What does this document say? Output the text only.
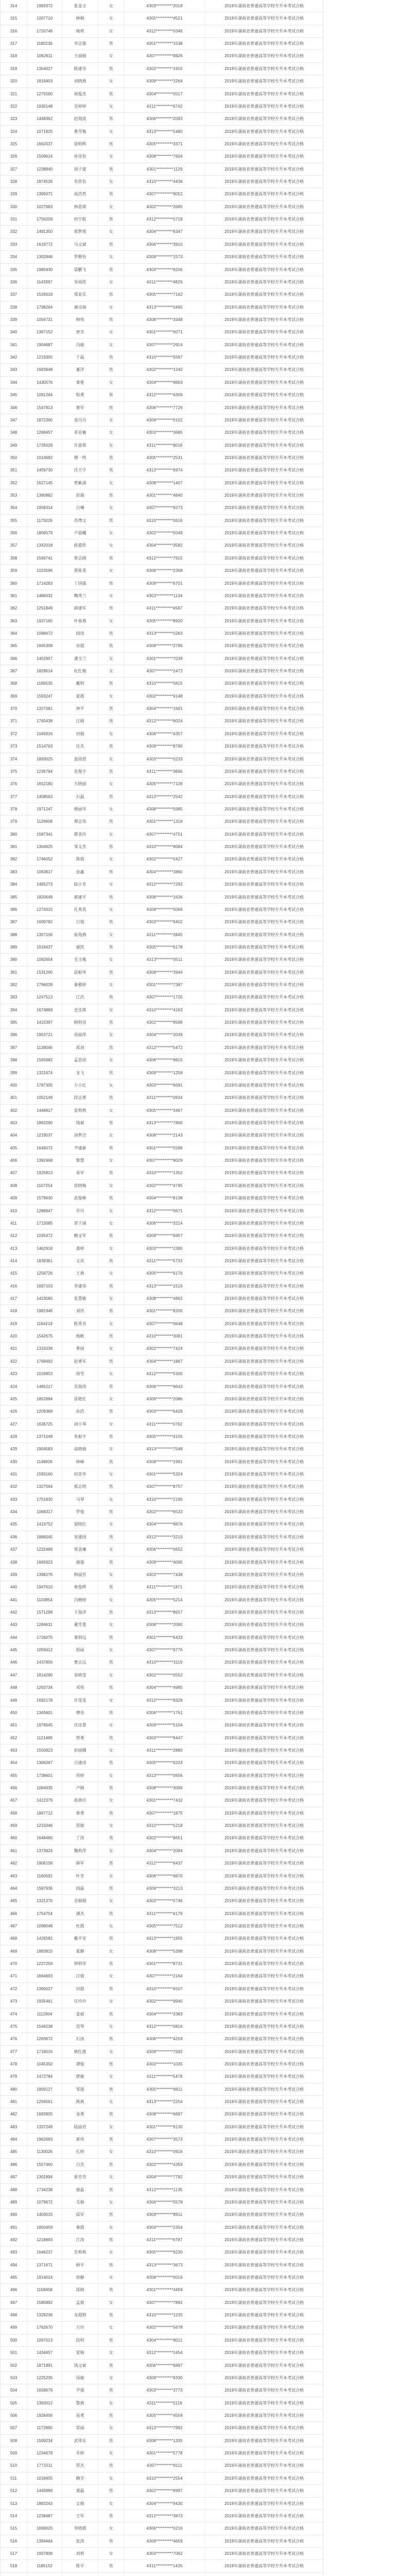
314	1993372	张金玉	女	4303**********2018	2019年湖南省普通高等学校专升本考试合格
315	1007710	林娟	女	4305**********4521	2019年湖南省普通高等学校专升本考试合格
316	1720746	杨莉	女	4312**********0346	2019年湖南省普通高等学校专升本考试合格
317	1180236	李志强	男	4301**********1538	2019年湖南省普通高等学校专升本考试合格
318	1062911	王丽娟	女	4307**********8826	2019年湖南省普通高等学校专升本考试合格
319	1354027	陈建华	男	4302**********1915	2019年湖南省普通高等学校专升本考试合格
320	1816403	刘晓燕	女	4309**********3264	2019年湖南省普通高等学校专升本考试合格
321	1275590	周俊杰	男	4304**********0517	2019年湖南省普通高等学校专升本考试合格
322	1930148	吴婷婷	女	4311**********6742	2019年湖南省普通高等学校专升本考试合格
323	1448362	赵海波	男	4306**********2093	2019年湖南省普通高等学校专升本考试合格
324	1071825	黄雪梅	女	4313**********5480	2019年湖南省普通高等学校专升本考试合格
325	1662037	徐明辉	男	4305**********3371	2019年湖南省普通高等学校专升本考试合格
326	1509614	孙佳怡	女	4308**********7604	2019年湖南省普通高等学校专升本考试合格
327	1238840	胡子豪	男	4301**********1129	2019年湖南省普通高等学校专升本考试合格
328	1874526	朱欣怡	女	4310**********4436	2019年湖南省普通高等学校专升本考试合格
329	1395071	高浩然	男	4307**********9052	2019年湖南省普通高等学校专升本考试合格
330	1027683	林思琪	女	4302**********2685	2019年湖南省普通高等学校专升本考试合格
331	1756209	何宇航	男	4312**********0718	2019年湖南省普通高等学校专升本考试合格
332	1481350	郭梦瑶	女	4304**********6347	2019年湖南省普通高等学校专升本考试合格
333	1619772	马文斌	男	4306**********3910	2019年湖南省普通高等学校专升本考试合格
334	1302846	罗静怡	女	4309**********1573	2019年湖南省普通高等学校专升本考试合格
335	1985430	梁鹏飞	男	4303**********8206	2019年湖南省普通高等学校专升本考试合格
336	1143397	宋雨欣	女	4311**********4829	2019年湖南省普通高等学校专升本考试合格
337	1526018	郑家乐	男	4305**********7162	2019年湖南省普通高等学校专升本考试合格
338	1798264	谢诗涵	女	4313**********0495	2019年湖南省普通高等学校专升本考试合格
339	1056731	韩伟	男	4308**********3348	2019年湖南省普通高等学校专升本考试合格
340	1367152	唐芳	女	4301**********6071	2019年湖南省普通高等学校专升本考试合格
341	1904687	冯敏	女	4307**********2914	2019年湖南省普通高等学校专升本考试合格
342	1219305	于磊	男	4310**********5587	2019年湖南省普通高等学校专升本考试合格
343	1683948	董洋	男	4302**********1240	2019年湖南省普通高等学校专升本考试合格
344	1430576	萧艳	女	4304**********9863	2019年湖南省普通高等学校专升本考试合格
345	1091264	程勇	男	4312**********4306	2019年湖南省普通高等学校专升本考试合格
346	1547813	曹军	男	4306**********7729	2019年湖南省普通高等学校专升本考试合格
347	1872390	袁丹丹	女	4309**********0152	2019年湖南省普通高等学校专升本考试合格
348	1268457	邓亚楠	女	4303**********3685	2019年湖南省普通高等学校专升本考试合格
349	1735029	许嘉琪	女	4311**********8018	2019年湖南省普通高等学校专升本考试合格
350	1014682	傅一鸣	男	4305**********2531	2019年湖南省普通高等学校专升本考试合格
351	1459730	沈天宇	男	4313**********6974	2019年湖南省普通高等学校专升本考试合格
352	1627145	曾紫涵	女	4308**********1407	2019年湖南省普通高等学校专升本考试合格
353	1390862	彭瑞	男	4301**********4840	2019年湖南省普通高等学校专升本考试合格
354	1958314	吕琳	女	4307**********9273	2019年湖南省普通高等学校专升本考试合格
355	1175026	苏博文	男	4310**********0616	2019年湖南省普通高等学校专升本考试合格
356	1806579	卢晨曦	女	4302**********5049	2019年湖南省普通高等学校专升本考试合格
357	1342018	蒋嘉欣	女	4304**********3582	2019年湖南省普通高等学校专升本考试合格
358	1569741	蔡志刚	男	4312**********7915	2019年湖南省普通高等学校专升本考试合格
359	1023596	贾桂英	女	4306**********2368	2019年湖南省普通高等学校专升本考试合格
360	1714283	丁国强	男	4309**********6701	2019年湖南省普通高等学校专升本考试合格
361	1486032	魏秀兰	女	4303**********1134	2019年湖南省普通高等学校专升本考试合格
362	1251849	薛建军	男	4311**********4587	2019年湖南省普通高等学校专升本考试合格
363	1937165	叶春燕	女	4305**********8920	2019年湖南省普通高等学校专升本考试合格
364	1098472	阎涛	男	4313**********0263	2019年湖南省普通高等学校专升本考试合格
365	1665308	余超	男	4308**********3796	2019年湖南省普通高等学校专升本考试合格
366	1402957	潘玉兰	女	4301**********7039	2019年湖南省普通高等学校专升本考试合格
367	1829614	杜红梅	女	4307**********2472	2019年湖南省普通高等学校专升本考试合格
368	1186530	戴明	男	4310**********5815	2019年湖南省普通高等学校专升本考试合格
369	1593247	夏霞	女	4302**********9148	2019年湖南省普通高等学校专升本考试合格
370	1327081	钟平	男	4304**********1691	2019年湖南省普通高等学校专升本考试合格
371	1760438	汪刚	男	4312**********6024	2019年湖南省普通高等学校专升本考试合格
372	1045916	田娟	女	4306**********4357	2019年湖南省普通高等学校专升本考试合格
373	1514763	任杰	男	4309**********8790	2019年湖南省普通高等学校专升本考试合格
374	1893025	姜雨萱	女	4303**********0233	2019年湖南省普通高等学校专升本考试合格
375	1236794	范俊宇	男	4311**********3666	2019年湖南省普通高等学校专升本考试合格
376	1652180	方晓丽	女	4305**********7109	2019年湖南省普通高等学校专升本考试合格
377	1408563	石磊	男	4313**********2542	2019年湖南省普通高等学校专升本考试合格
378	1971247	姚丽华	女	4308**********5985	2019年湖南省普通高等学校专升本考试合格
379	1129608	谭志伟	男	4301**********1318	2019年湖南省普通高等学校专升本考试合格
380	1587341	廖美玲	女	4307**********4751	2019年湖南省普通高等学校专升本考试合格
381	1304925	邹文杰	男	4310**********8084	2019年湖南省普通高等学校专升本考试合格
382	1746052	熊倩	女	4302**********0427	2019年湖南省普通高等学校专升本考试合格
383	1063817	金鑫	男	4304**********3860	2019年湖南省普通高等学校专升本考试合格
384	1495273	陆小芳	女	4312**********7293	2019年湖南省普通高等学校专升本考试合格
385	1820649	郝建平	男	4306**********1636	2019年湖南省普通高等学校专升本考试合格
386	1274315	孔秀英	女	4309**********5069	2019年湖南省普通高等学校专升本考试合格
387	1609782	白俊	男	4303**********9402	2019年湖南省普通高等学校专升本考试合格
388	1357106	崔海燕	女	4311**********2845	2019年湖南省普通高等学校专升本考试合格
389	1918437	康凯	男	4305**********6178	2019年湖南省普通高等学校专升本考试合格
390	1082654	毛玉梅	女	4313**********0511	2019年湖南省普通高等学校专升本考试合格
391	1531290	邱振华	男	4308**********3944	2019年湖南省普通高等学校专升本考试合格
392	1796028	秦雅婷	女	4301**********7387	2019年湖南省普通高等学校专升本考试合格
393	1247513	江浩	男	4307**********1720	2019年湖南省普通高等学校专升本考试合格
394	1674869	史佳琪	女	4310**********4163	2019年湖南省普通高等学校专升本考试合格
395	1410397	顾明亮	男	4302**********8596	2019年湖南省普通高等学校专升本考试合格
396	1953721	侯丽萍	女	4304**********2039	2019年湖南省普通高等学校专升本考试合格
397	1138046	邵剑	男	4312**********5472	2019年湖南省普通高等学校专升本考试合格
398	1565982	孟思雨	女	4306**********9815	2019年湖南省普通高等学校专升本考试合格
399	1321674	龙飞	男	4309**********1258	2019年湖南省普通高等学校专升本考试合格
400	1787305	万小红	女	4303**********6691	2019年湖南省普通高等学校专升本考试合格
401	1052149	段志勇	男	4311**********0934	2019年湖南省普通高等学校专升本考试合格
402	1446817	雷莉莉	女	4305**********3467	2019年湖南省普通高等学校专升本考试合格
403	1863290	钱斌	男	4313**********7800	2019年湖南省普通高等学校专升本考试合格
404	1219537	汤梦洁	女	4308**********2143	2019年湖南省普通高等学校专升本考试合格
405	1648072	尹建新	男	4301**********5586	2019年湖南省普通高等学校专升本考试合格
406	1392468	黎慧	女	4307**********9029	2019年湖南省普通高等学校专升本考试合格
407	1925813	易军	男	4310**********1352	2019年湖南省普通高等学校专升本考试合格
408	1107254	常晓梅	女	4302**********4795	2019年湖南省普通高等学校专升本考试合格
409	1579630	武俊峰	男	4304**********8138	2019年湖南省普通高等学校专升本考试合格
410	1286947	乔丹	女	4312**********0671	2019年湖南省普通高等学校专升本考试合格
411	1713085	贺子涵	女	4306**********3214	2019年湖南省普通高等学校专升本考试合格
412	1035472	赖文军	男	4309**********6957	2019年湖南省普通高等学校专升本考试合格
413	1462918	龚婷	女	4303**********2390	2019年湖南省普通高等学校专升本考试合格
414	1839361	文亮	男	4311**********5733	2019年湖南省普通高等学校专升本考试合格
415	1258726	王燕	女	4305**********9176	2019年湖南省普通高等学校专升本考试合格
416	1697103	李建伟	男	4313**********1519	2019年湖南省普通高等学校专升本考试合格
417	1423580	张慧敏	女	4308**********4862	2019年湖南省普通高等学校专升本考试合格
418	1981946	刘洪	男	4301**********8205	2019年湖南省普通高等学校专升本考试合格
419	1164219	陈秀芳	女	4307**********0648	2019年湖南省普通高等学校专升本考试合格
420	1542675	杨帆	男	4310**********3081	2019年湖南省普通高等学校专升本考试合格
421	1315038	黄丽	女	4302**********7424	2019年湖南省普通高等学校专升本考试合格
422	1768492	赵勇军	男	4304**********1867	2019年湖南省普通高等学校专升本考试合格
423	1026853	周雪	女	4312**********5300	2019年湖南省普通高等学校专升本考试合格
424	1485217	吴海涛	男	4306**********9643	2019年湖南省普通高等学校专升本考试合格
425	1852694	徐艳红	女	4309**********2086	2019年湖南省普通高等学校专升本考试合格
426	1209368	孙浩	男	4303**********6429	2019年湖南省普通高等学校专升本考试合格
427	1636725	胡小琴	女	4311**********0762	2019年湖南省普通高等学校专升本考试合格
428	1371049	朱振宇	男	4305**********4105	2019年湖南省普通高等学校专升本考试合格
429	1904583	高晓娟	女	4313**********7548	2019年湖南省普通高等学校专升本考试合格
430	1148926	林峰	男	4308**********1981	2019年湖南省普通高等学校专升本考试合格
431	1593160	何美华	女	4301**********5324	2019年湖南省普通高等学校专升本考试合格
432	1327594	郭志明	男	4307**********8757	2019年湖南省普通高等学校专升本考试合格
433	1751830	马琴	女	4310**********2190	2019年湖南省普通高等学校专升本考试合格
434	1068317	罗俊	男	4302**********6533	2019年湖南省普通高等学校专升本考试合格
435	1419752	梁晓红	女	4304**********9876	2019年湖南省普通高等学校专升本考试合格
436	1886045	宋建国	男	4312**********3219	2019年湖南省普通高等学校专升本考试合格
437	1232489	郑美琳	女	4306**********0652	2019年湖南省普通高等学校专升本考试合格
438	1665923	谢强	男	4309**********4095	2019年湖南省普通高等学校专升本考试合格
439	1398276	韩丽芳	女	4303**********7438	2019年湖南省普通高等学校专升本考试合格
440	1947610	唐俊辉	男	4311**********1871	2019年湖南省普通高等学校专升本考试合格
441	1103854	冯婉婷	女	4305**********5214	2019年湖南省普通高等学校专升本考试合格
442	1571298	于海洋	男	4313**********8657	2019年湖南省普通高等学校专升本考试合格
443	1284631	董雪莲	女	4308**********2090	2019年湖南省普通高等学校专升本考试合格
444	1726075	萧明远	男	4301**********6433	2019年湖南省普通高等学校专升本考试合格
445	1059412	程丽	女	4307**********9776	2019年湖南省普通高等学校专升本考试合格
446	1437856	曹志远	男	4310**********3119	2019年湖南省普通高等学校专升本考试合格
447	1814290	袁晓雯	女	4302**********0552	2019年湖南省普通高等学校专升本考试合格
448	1263734	邓伟	男	4304**********4985	2019年湖南省普通高等学校专升本考试合格
449	1692178	许雯雯	女	4312**********8328	2019年湖南省普通高等学校专升本考试合格
450	1345601	傅亮	男	4306**********1761	2019年湖南省普通高等学校专升本考试合格
451	1978045	沈佳慧	女	4309**********5104	2019年湖南省普通高等学校专升本考试合格
452	1121489	曾勇	男	4303**********9447	2019年湖南省普通高等学校专升本考试合格
453	1550823	彭丽娜	女	4311**********2880	2019年湖南省普通高等学校专升本考试合格
454	1306267	吕建成	男	4305**********6223	2019年湖南省普通高等学校专升本考试合格
455	1739601	苏婷	女	4313**********0656	2019年湖南省普通高等学校专升本考试合格
456	1084935	卢刚	男	4308**********3099	2019年湖南省普通高等学校专升本考试合格
457	1412379	蒋燕玲	女	4301**********7432	2019年湖南省普通高等学校专升本考试合格
458	1867712	蔡勇	男	4307**********1875	2019年湖南省普通高等学校专升本考试合格
459	1215046	贾敏	女	4310**********5218	2019年湖南省普通高等学校专升本考试合格
460	1648480	丁涛	男	4302**********8651	2019年湖南省普通高等学校专升本考试合格
461	1373824	魏莉萍	女	4304**********2094	2019年湖南省普通高等学校专升本考试合格
462	1906158	薛军	男	4312**********6437	2019年湖南省普通高等学校专升本考试合格
463	1160592	叶芳	女	4306**********9870	2019年湖南省普通高等学校专升本考试合格
464	1587936	阎磊	男	4309**********3213	2019年湖南省普通高等学校专升本考试合格
465	1321370	余娟娟	女	4303**********0746	2019年湖南省普通高等学校专升本考试合格
466	1754704	潘杰	男	4311**********4179	2019年湖南省普通高等学校专升本考试合格
467	1098048	杜霞	女	4305**********7512	2019年湖南省普通高等学校专升本考试合格
468	1426582	戴平安	男	4313**********1955	2019年湖南省普通高等学校专升本考试合格
469	1883915	夏静	女	4308**********5398	2019年湖南省普通高等学校专升本考试合格
470	1237259	钟明华	男	4301**********8731	2019年湖南省普通高等学校专升本考试合格
471	1664693	汪倩	女	4307**********2164	2019年湖南省普通高等学校专升本考试合格
472	1390027	田超	男	4310**********6507	2019年湖南省普通高等学校专升本考试合格
473	1935461	任玲玲	女	4302**********9940	2019年湖南省普通高等学校专升本考试合格
474	1112804	姜斌	男	4304**********3383	2019年湖南省普通高等学校专升本考试合格
475	1549238	范琴	女	4312**********0816	2019年湖南省普通高等学校专升本考试合格
476	1283672	石涛	男	4306**********4259	2019年湖南省普通高等学校专升本考试合格
477	1718016	姚红霞	女	4309**********7692	2019年湖南省普通高等学校专升本考试合格
478	1045350	谭俊	男	4303**********1035	2019年湖南省普通高等学校专升本考试合格
479	1472784	廖敏	女	4311**********5478	2019年湖南省普通高等学校专升本考试合格
480	1809127	邹强	男	4305**********8811	2019年湖南省普通高等学校专升本考试合格
481	1256561	熊燕	女	4313**********2254	2019年湖南省普通高等学校专升本考试合格
482	1683905	金勇	男	4308**********6697	2019年湖南省普通高等学校专升本考试合格
483	1337249	陆丽君	女	4301**********9130	2019年湖南省普通高等学校专升本考试合格
484	1962683	郝伟	男	4307**********3573	2019年湖南省普通高等学校专升本考试合格
485	1130026	孔婷	女	4310**********0916	2019年湖南省普通高等学校专升本考试合格
486	1557460	白杰	男	4302**********4359	2019年湖南省普通高等学校专升本考试合格
487	1301894	崔芳芳	女	4304**********7792	2019年湖南省普通高等学校专升本考试合格
488	1734238	康磊	男	4312**********1135	2019年湖南省普通高等学校专升本考试合格
489	1079672	毛娟	女	4306**********5578	2019年湖南省普通高等学校专升本考试合格
490	1403015	邱军	男	4309**********8911	2019年湖南省普通高等学校专升本考试合格
491	1850459	秦霞	女	4303**********2354	2019年湖南省普通高等学校专升本考试合格
492	1218893	江涛	男	4311**********6797	2019年湖南省普通高等学校专升本考试合格
493	1646237	史莉莉	女	4305**********9230	2019年湖南省普通高等学校专升本考试合格
494	1371671	顾平	男	4313**********3673	2019年湖南省普通高等学校专升本考试合格
495	1914014	侯静	女	4308**********0016	2019年湖南省普通高等学校专升本考试合格
496	1158458	邵刚	男	4301**********4459	2019年湖南省普通高等学校专升本考试合格
497	1585892	孟倩	女	4307**********7892	2019年湖南省普通高等学校专升本考试合格
498	1329236	龙超群	男	4310**********1235	2019年湖南省普通高等学校专升本考试合格
499	1762670	万玲	女	4302**********5678	2019年湖南省普通高等学校专升本考试合格
500	1097013	段明	男	4304**********8011	2019年湖南省普通高等学校专升本考试合格
501	1434457	雷娟	女	4312**********2454	2019年湖南省普通高等学校专升本考试合格
502	1871891	钱文斌	男	4306**********6897	2019年湖南省普通高等学校专升本考试合格
503	1225235	汤敏	女	4309**********9330	2019年湖南省普通高等学校专升本考试合格
504	1658679	尹强	男	4303**********3773	2019年湖南省普通高等学校专升本考试合格
505	1383012	黎燕	女	4311**********0116	2019年湖南省普通高等学校专升本考试合格
506	1926456	易勇	男	4305**********4559	2019年湖南省普通高等学校专升本考试合格
507	1172890	常丽	女	4313**********7992	2019年湖南省普通高等学校专升本考试合格
508	1509234	武伟东	男	4308**********1335	2019年湖南省普通高等学校专升本考试合格
509	1234678	乔婷	女	4301**********5778	2019年湖南省普通高等学校专升本考试合格
510	1771011	贺杰	男	4307**********8111	2019年湖南省普通高等学校专升本考试合格
511	1018455	赖芳	女	4310**********2554	2019年湖南省普通高等学校专升本考试合格
512	1445899	龚磊	男	4302**********6997	2019年湖南省普通高等学校专升本考试合格
513	1883243	文娟	女	4304**********9430	2019年湖南省普通高等学校专升本考试合格
514	1236687	王军	男	4312**********3873	2019年湖南省普通高等学校专升本考试合格
515	1669020	李晓霞	女	4306**********0216	2019年湖南省普通高等学校专升本考试合格
516	1394464	张涛	男	4309**********4659	2019年湖南省普通高等学校专升本考试合格
517	1937808	刘莉	女	4303**********7092	2019年湖南省普通高等学校专升本考试合格
518	1185152	陈平	男	4311**********1435	2019年湖南省普通高等学校专升本考试合格
